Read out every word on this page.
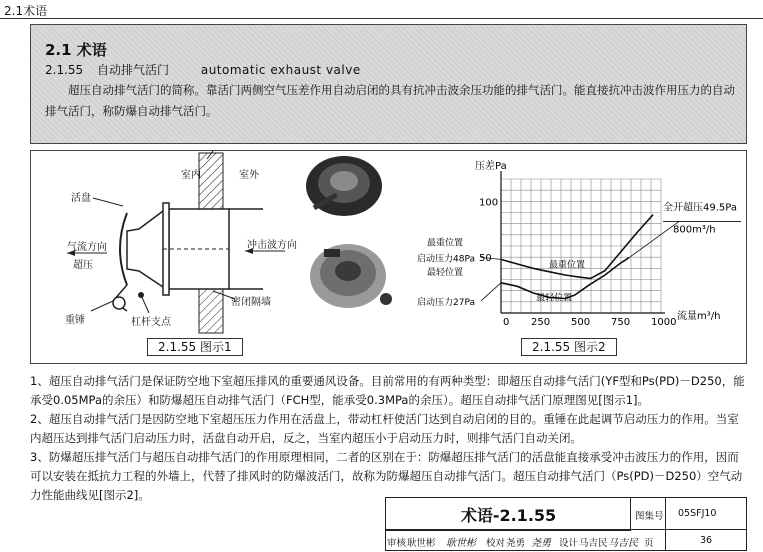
2.1术语
2.1 术语
2.1.55 自动排气活门	automatic exhaust valve
超压自动排气活门的简称。靠活门两侧空气压差作用自动启闭的具有抗冲击波余压功能的排气活门。能直接抗冲击波作用压力的自动排气活门，称防爆自动排气活门。
室内	室外
活盘
气流方向
超压
冲击波方向
重锤	杠杆支点
密闭隔墙
压差Pa
流量m³/h
0 250 500 750 1000
50
100
最重位置
启动压力48Pa
最轻位置
启动压力27Pa
最重位置
最轻位置
全开超压49.5Pa
800m³/h
2.1.55 图示1	2.1.55 图示2

1、超压自动排气活门是保证防空地下室超压排风的重要通风设备。目前常用的有两种类型：即超压自动排气活门(YF型和Ps(PD)－D250，能承受0.05MPa的余压）和防爆超压自动排气活门（FCH型，能承受0.3MPa的余压）。超压自动排气活门原理图见[图示1]。

2、超压自动排气活门是因防空地下室超压压力作用在活盘上，带动杠杆使活门达到自动启闭的目的。重锤在此起调节启动压力的作用。当室内超压达到排气活门启动压力时，活盘自动开启，反之，当室内超压小于启动压力时，则排气活门自动关闭。

3、防爆超压排气活门与超压自动排气活门的作用原理相同，二者的区别在于：防爆超压排气活门的活盘能直接承受冲击波压力的作用，因而可以安装在抵抗力工程的外墙上，代替了排风时的防爆波活门，故称为防爆超压自动排气活门。超压自动排气活门（Ps(PD)－D250）空气动力性能曲线见[图示2]。

术语-2.1.55	图集号 05SFJ10
审核 耿世彬 耿世彬 校对 尧勇 尧勇 设计 马吉民 马吉民 页	36
